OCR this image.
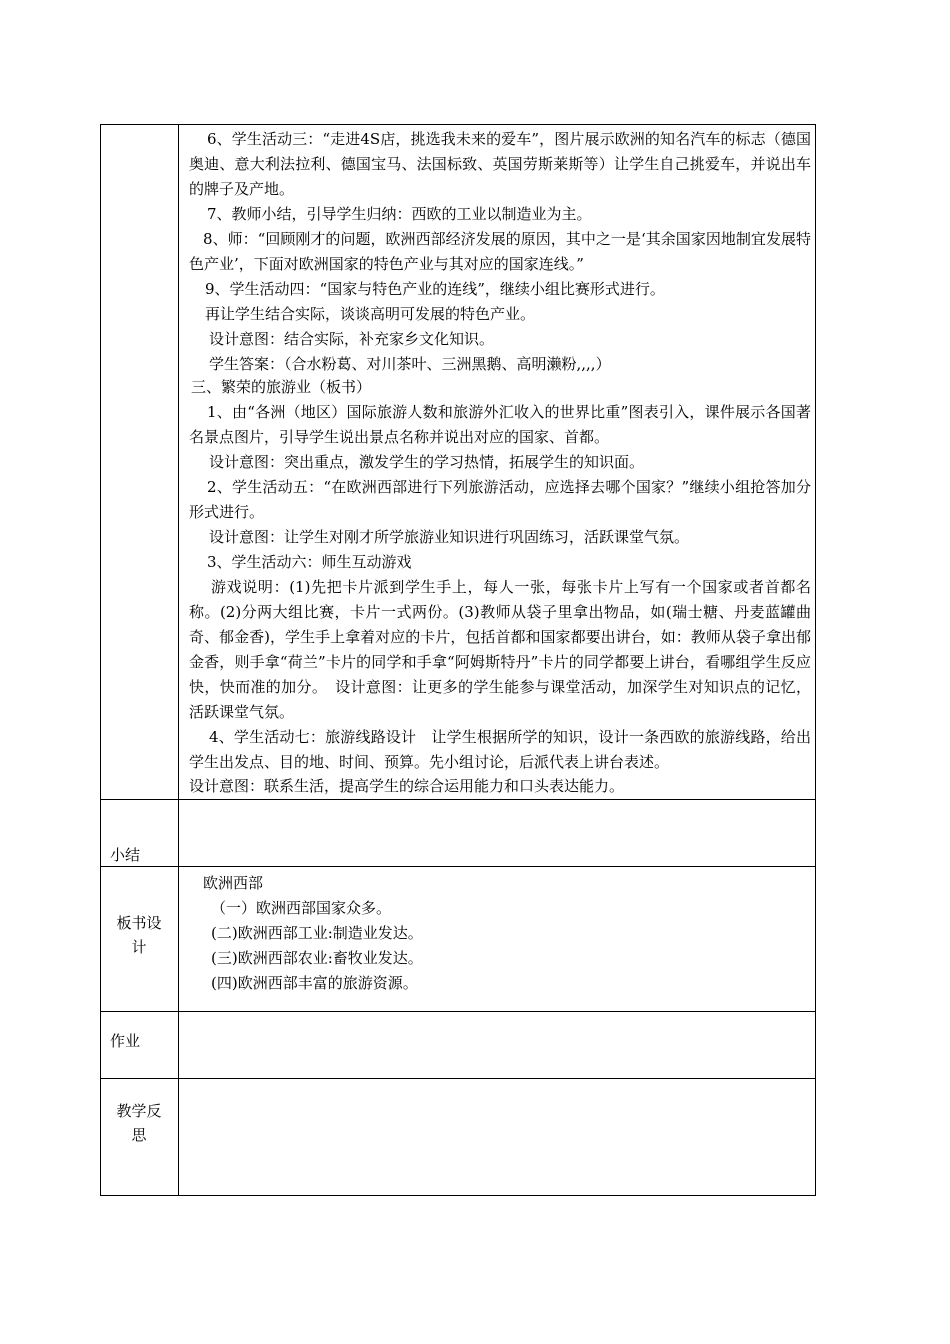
6、学生活动三：“走进4S店，挑选我未来的爱车”，图片展示欧洲的知名汽车的标志（德国奥迪、意大利法拉利、德国宝马、法国标致、英国劳斯莱斯等）让学生自己挑爱车，并说出车的牌子及产地。

7、教师小结，引导学生归纳：西欧的工业以制造业为主。

8、师：“回顾刚才的问题，欧洲西部经济发展的原因，其中之一是‘其余国家因地制宜发展特色产业’，下面对欧洲国家的特色产业与其对应的国家连线。”

9、学生活动四：“国家与特色产业的连线”，继续小组比赛形式进行。

再让学生结合实际，谈谈高明可发展的特色产业。

设计意图：结合实际，补充家乡文化知识。

学生答案：（合水粉葛、对川茶叶、三洲黑鹅、高明濑粉,,,,）

三、繁荣的旅游业（板书）

1、由“各洲（地区）国际旅游人数和旅游外汇收入的世界比重”图表引入，课件展示各国著名景点图片，引导学生说出景点名称并说出对应的国家、首都。

设计意图：突出重点，激发学生的学习热情，拓展学生的知识面。

2、学生活动五：“在欧洲西部进行下列旅游活动，应选择去哪个国家？”继续小组抢答加分形式进行。

设计意图：让学生对刚才所学旅游业知识进行巩固练习，活跃课堂气氛。

3、学生活动六：师生互动游戏

游戏说明：(1)先把卡片派到学生手上，每人一张，每张卡片上写有一个国家或者首都名称。(2)分两大组比赛，卡片一式两份。(3)教师从袋子里拿出物品，如(瑞士糖、丹麦蓝罐曲奇、郁金香)，学生手上拿着对应的卡片，包括首都和国家都要出讲台，如：教师从袋子拿出郁金香，则手拿“荷兰”卡片的同学和手拿“阿姆斯特丹”卡片的同学都要上讲台，看哪组学生反应快，快而准的加分。　设计意图：让更多的学生能参与课堂活动，加深学生对知识点的记忆，活跃课堂气氛。

4、学生活动七：旅游线路设计　让学生根据所学的知识，设计一条西欧的旅游线路，给出学生出发点、目的地、时间、预算。先小组讨论，后派代表上讲台表述。

设计意图：联系生活，提高学生的综合运用能力和口头表达能力。

小结
板书设计
欧洲西部
（一）欧洲西部国家众多。
(二)欧洲西部工业:制造业发达。
(三)欧洲西部农业:畜牧业发达。
(四)欧洲西部丰富的旅游资源。
作业
教学反思
